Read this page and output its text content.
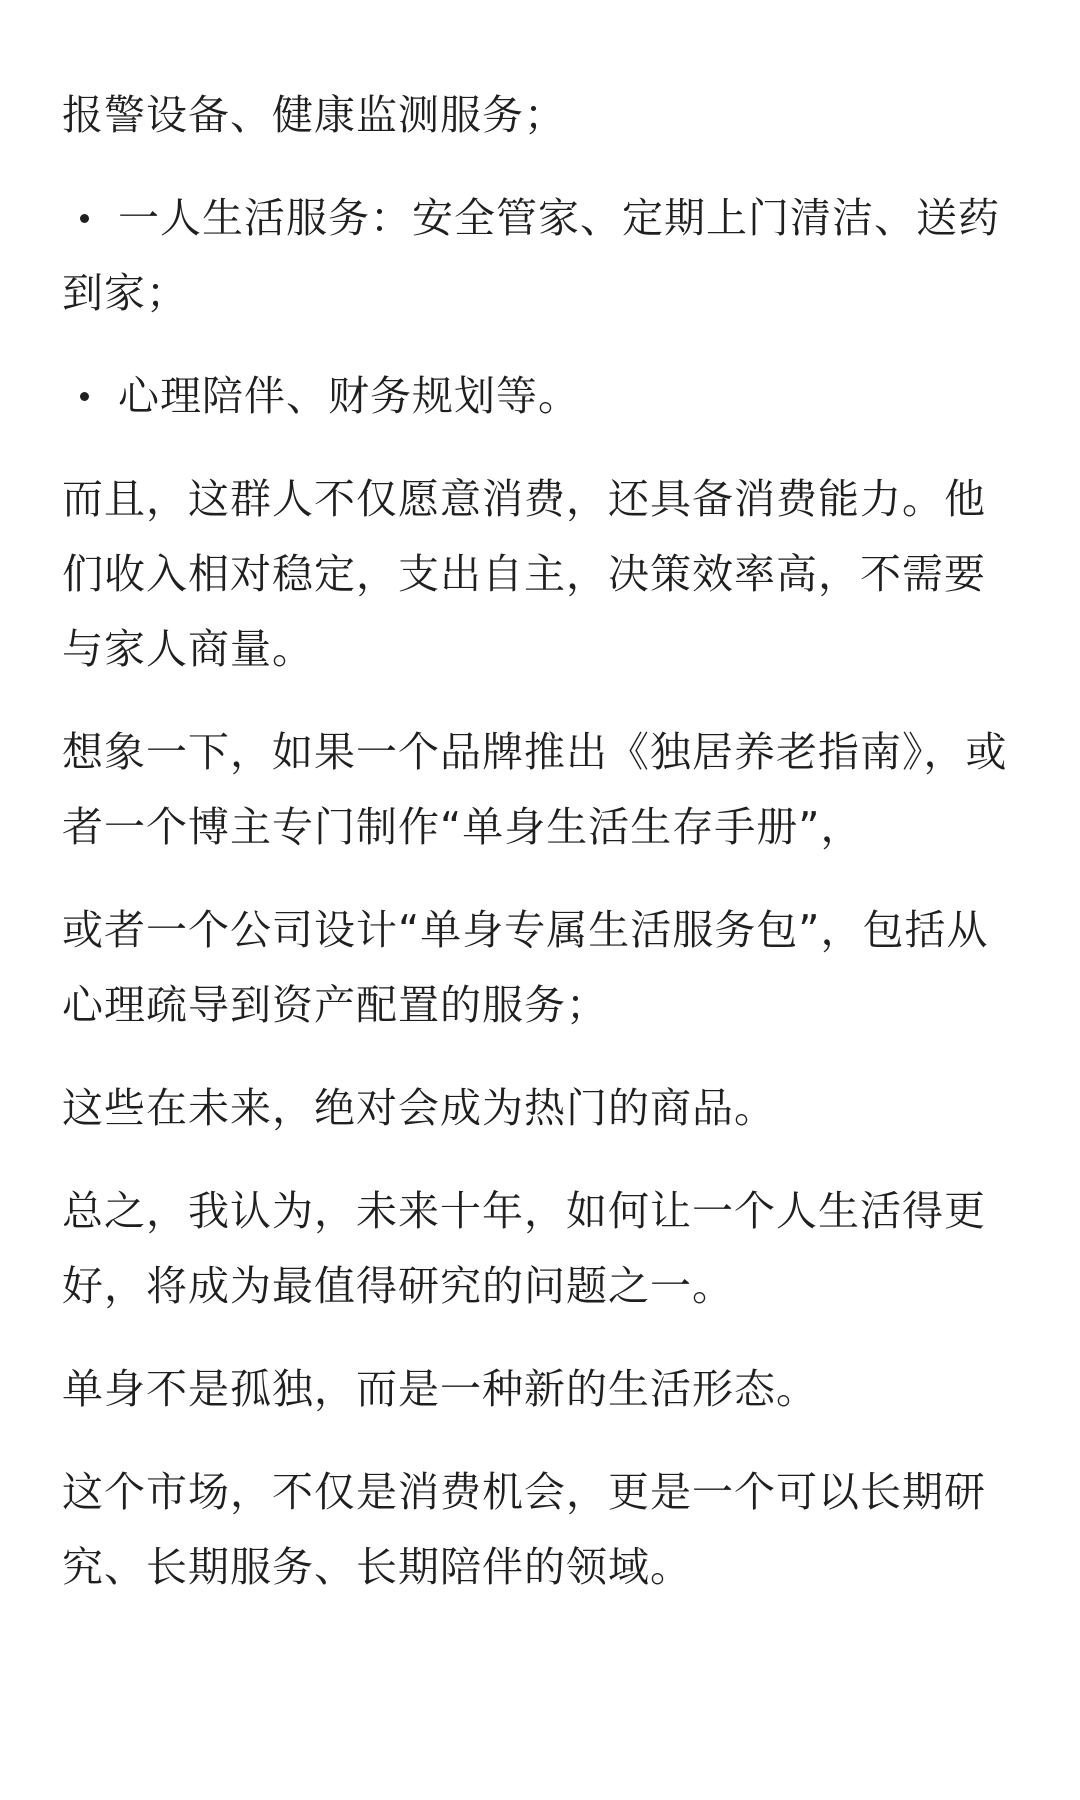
报警设备、健康监测服务；

一人生活服务：安全管家、定期上门清洁、送药到家；

心理陪伴、财务规划等。

而且，这群人不仅愿意消费，还具备消费能力。他们收入相对稳定，支出自主，决策效率高，不需要与家人商量。

想象一下，如果一个品牌推出《独居养老指南》，或者一个博主专门制作“单身生活生存手册”，

或者一个公司设计“单身专属生活服务包”，包括从心理疏导到资产配置的服务；

这些在未来，绝对会成为热门的商品。

总之，我认为，未来十年，如何让一个人生活得更好，将成为最值得研究的问题之一。

单身不是孤独，而是一种新的生活形态。

这个市场，不仅是消费机会，更是一个可以长期研究、长期服务、长期陪伴的领域。
